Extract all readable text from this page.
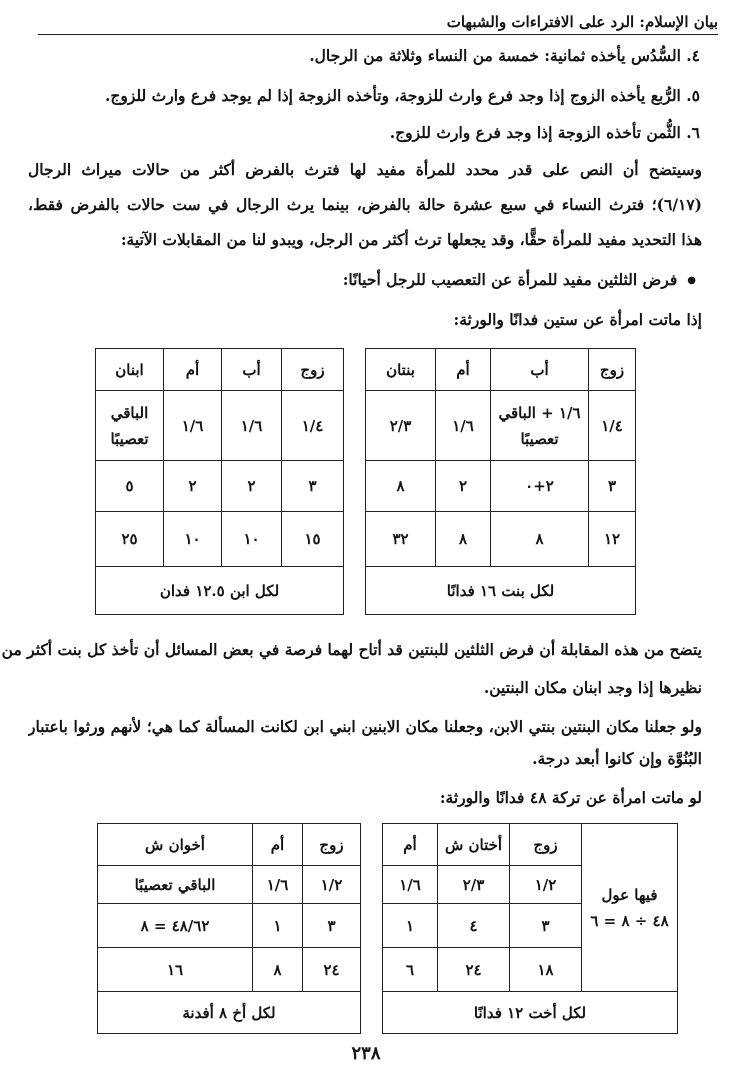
بيان الإسلام: الرد على الافتراءات والشبهات
٤. السُّدُس يأخذه ثمانية: خمسة من النساء وثلاثة من الرجال.
٥. الرُّبع يأخذه الزوج إذا وجد فرع وارث للزوجة، وتأخذه الزوجة إذا لم يوجد فرع وارث للزوج.
٦. الثُّمن تأخذه الزوجة إذا وجد فرع وارث للزوج.
وسيتضح أن النص على قدر محدد للمرأة مفيد لها فترث بالفرض أكثر من حالات ميراث الرجال
(٦/١٧)؛ فترث النساء في سبع عشرة حالة بالفرض، بينما يرث الرجال في ست حالات بالفرض فقط،
هذا التحديد مفيد للمرأة حقًّا، وقد يجعلها ترث أكثر من الرجل، ويبدو لنا من المقابلات الآتية:
● فرض الثلثين مفيد للمرأة عن التعصيب للرجل أحيانًا:
إذا ماتت امرأة عن ستين فدانًا والورثة:
زوج	أب	أم	بنتان		زوج	أب	أم	ابنان
١/٤	١/٦ + الباقي تعصيبًا	١/٦	٢/٣		١/٤	١/٦	١/٦	الباقي تعصيبًا
٣	٢+٠	٢	٨		٣	٢	٢	٥
١٢	٨	٨	٣٢		١٥	١٠	١٠	٢٥
لكل بنت ١٦ فدانًا					لكل ابن ١٢.٥ فدان			
يتضح من هذه المقابلة أن فرض الثلثين للبنتين قد أتاح لهما فرصة في بعض المسائل أن تأخذ كل بنت أكثر من
نظيرها إذا وجد ابنان مكان البنتين.
ولو جعلنا مكان البنتين بنتي الابن، وجعلنا مكان الابنين ابني ابن لكانت المسألة كما هي؛ لأنهم ورثوا باعتبار
البُنُوَّة وإن كانوا أبعد درجة.
لو ماتت امرأة عن تركة ٤٨ فدانًا والورثة:
فيها عول
٤٨ ÷ ٨ = ٦	زوج	أختان ش	أم		زوج	أم	أخوان ش
	١/٢	٢/٣	١/٦		١/٢	١/٦	الباقي تعصيبًا
	٣	٤	١		٣	١	٤٨/٦٢ = ٨
	١٨	٢٤	٦		٢٤	٨	١٦
لكل أخت ١٢ فدانًا					لكل أخ ٨ أفدنة		
٢٣٨
